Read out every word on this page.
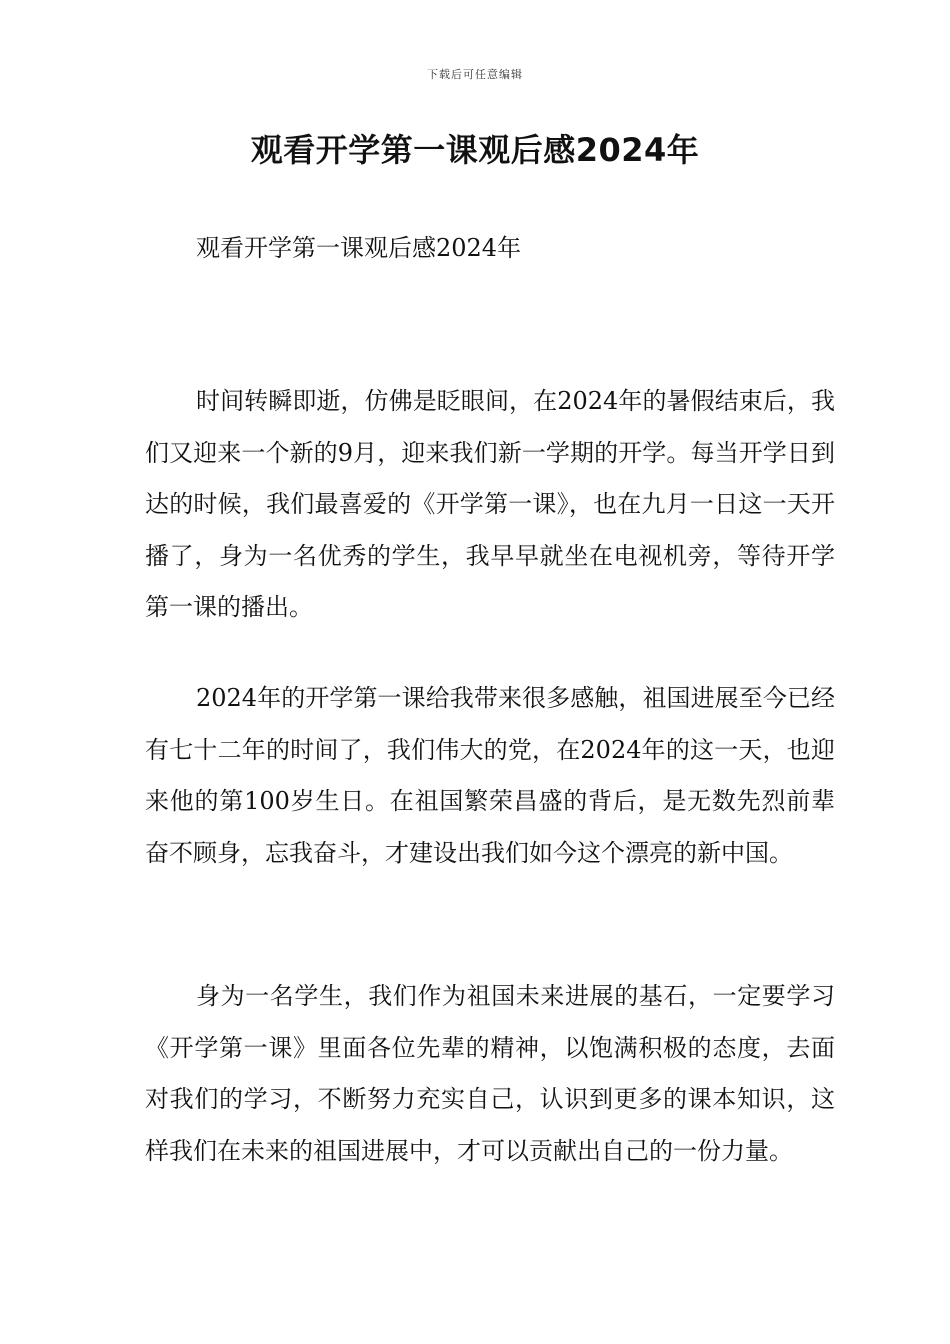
下载后可任意编辑
观看开学第一课观后感2024年

观看开学第一课观后感2024年

时间转瞬即逝，仿佛是眨眼间，在2024年的暑假结束后，我们又迎来一个新的9月，迎来我们新一学期的开学。每当开学日到达的时候，我们最喜爱的《开学第一课》，也在九月一日这一天开播了，身为一名优秀的学生，我早早就坐在电视机旁，等待开学第一课的播出。

2024年的开学第一课给我带来很多感触，祖国进展至今已经有七十二年的时间了，我们伟大的党，在2024年的这一天，也迎来他的第100岁生日。在祖国繁荣昌盛的背后，是无数先烈前辈奋不顾身，忘我奋斗，才建设出我们如今这个漂亮的新中国。

身为一名学生，我们作为祖国未来进展的基石，一定要学习《开学第一课》里面各位先辈的精神，以饱满积极的态度，去面对我们的学习，不断努力充实自己，认识到更多的课本知识，这样我们在未来的祖国进展中，才可以贡献出自己的一份力量。
